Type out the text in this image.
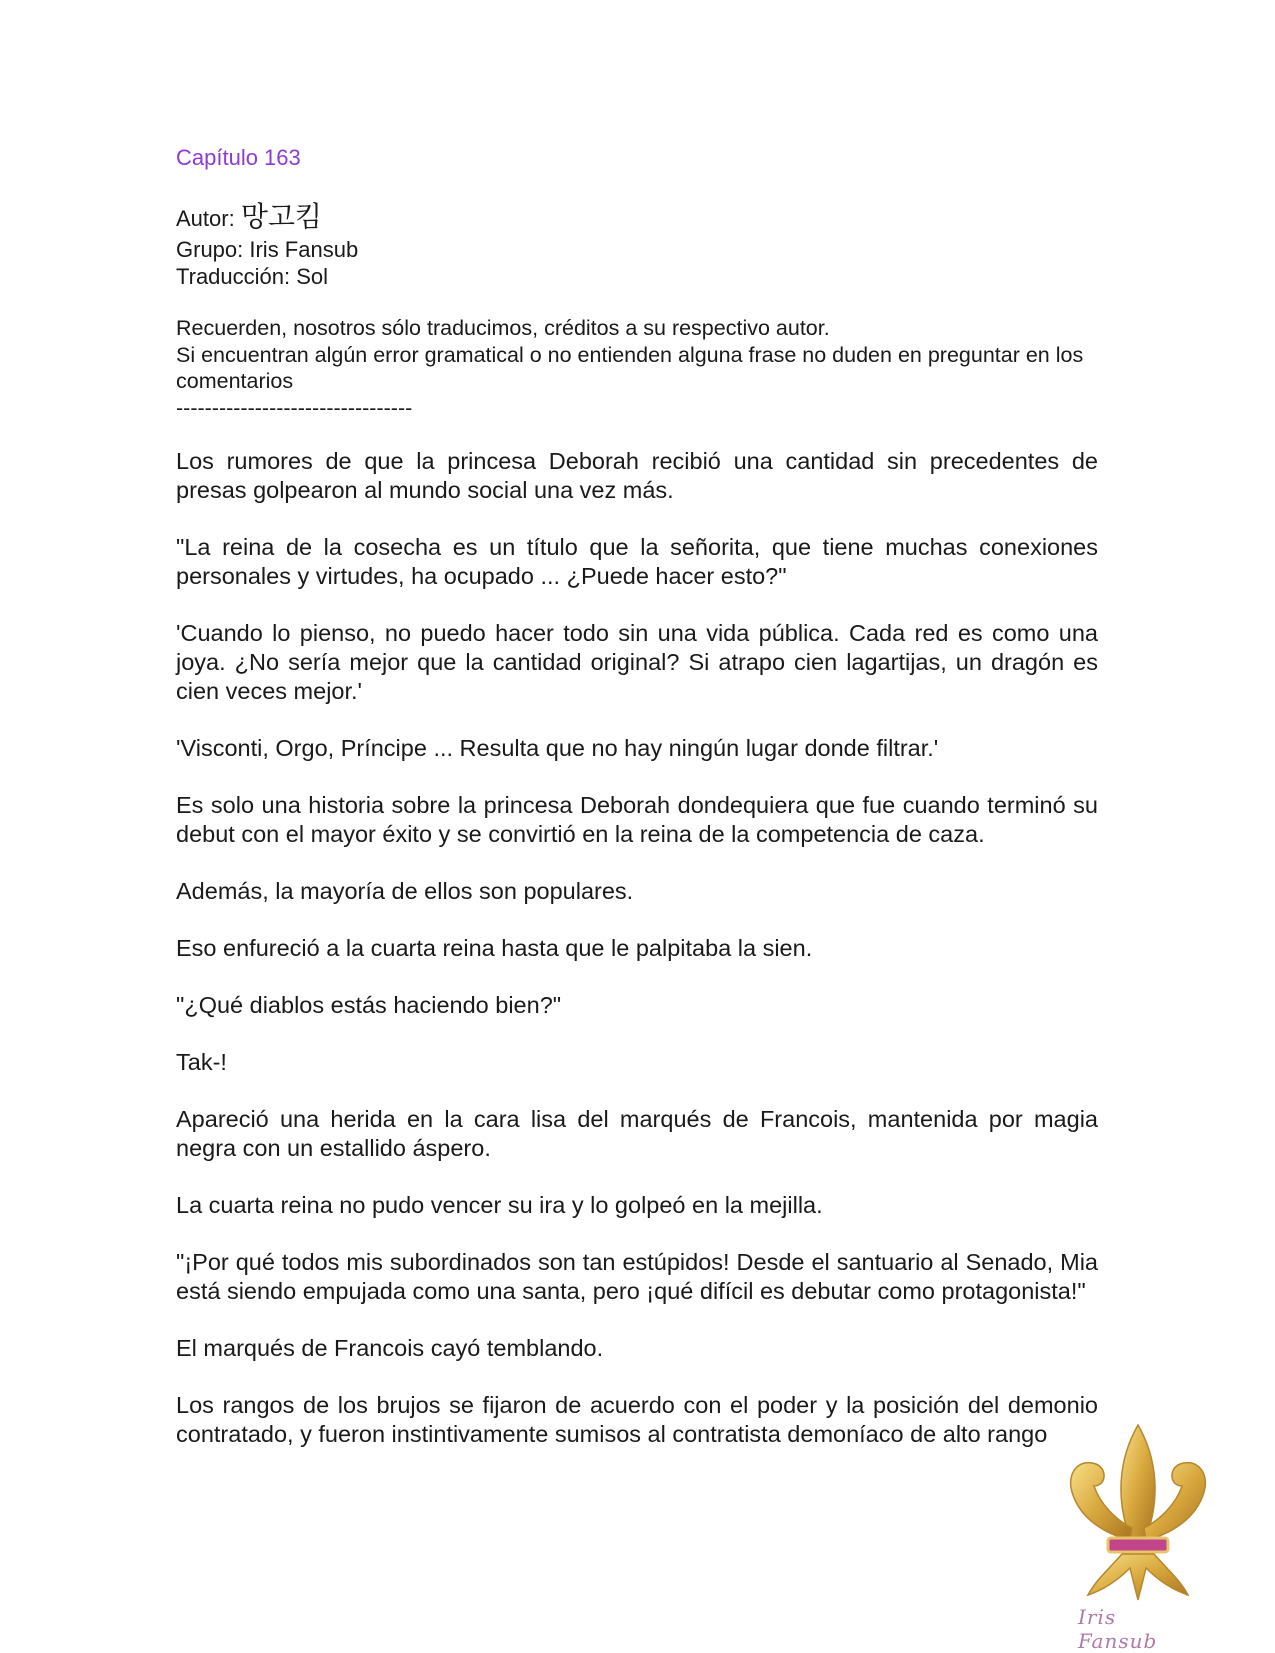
Capítulo 163

Autor: 망고킴

Grupo: Iris Fansub

Traducción: Sol

Recuerden, nosotros sólo traducimos, créditos a su respectivo autor.

Si encuentran algún error gramatical o no entienden alguna frase no duden en preguntar en los comentarios

---------------------------------

Los rumores de que la princesa Deborah recibió una cantidad sin precedentes de presas golpearon al mundo social una vez más.

"La reina de la cosecha es un título que la señorita, que tiene muchas conexiones personales y virtudes, ha ocupado ... ¿Puede hacer esto?"

'Cuando lo pienso, no puedo hacer todo sin una vida pública. Cada red es como una joya. ¿No sería mejor que la cantidad original? Si atrapo cien lagartijas, un dragón es cien veces mejor.'

'Visconti, Orgo, Príncipe ... Resulta que no hay ningún lugar donde filtrar.'

Es solo una historia sobre la princesa Deborah dondequiera que fue cuando terminó su debut con el mayor éxito y se convirtió en la reina de la competencia de caza.

Además, la mayoría de ellos son populares.

Eso enfureció a la cuarta reina hasta que le palpitaba la sien.

"¿Qué diablos estás haciendo bien?"

Tak-!

Apareció una herida en la cara lisa del marqués de Francois, mantenida por magia negra con un estallido áspero.

La cuarta reina no pudo vencer su ira y lo golpeó en la mejilla.

"¡Por qué todos mis subordinados son tan estúpidos! Desde el santuario al Senado, Mia está siendo empujada como una santa, pero ¡qué difícil es debutar como protagonista!"

El marqués de Francois cayó temblando.

Los rangos de los brujos se fijaron de acuerdo con el poder y la posición del demonio contratado, y fueron instintivamente sumisos al contratista demoníaco de alto rango

Iris Fansub
